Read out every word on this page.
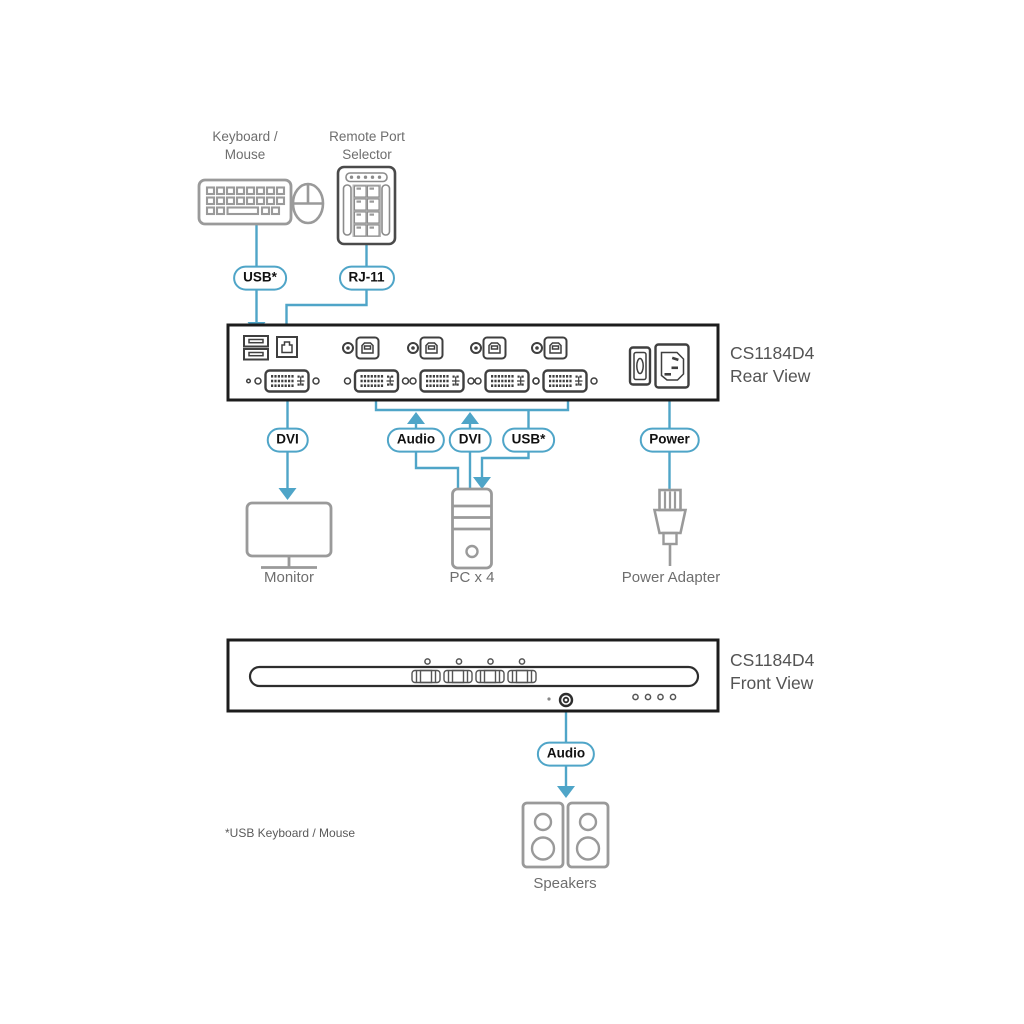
Keyboard /
Mouse
Remote Port
Selector
USB*	RJ-11
DVI	Audio	DVI	USB*	Power
Audio
CS1184D4
Rear View
CS1184D4
Front View
Monitor	PC x 4	Power Adapter
Speakers
*USB Keyboard / Mouse
